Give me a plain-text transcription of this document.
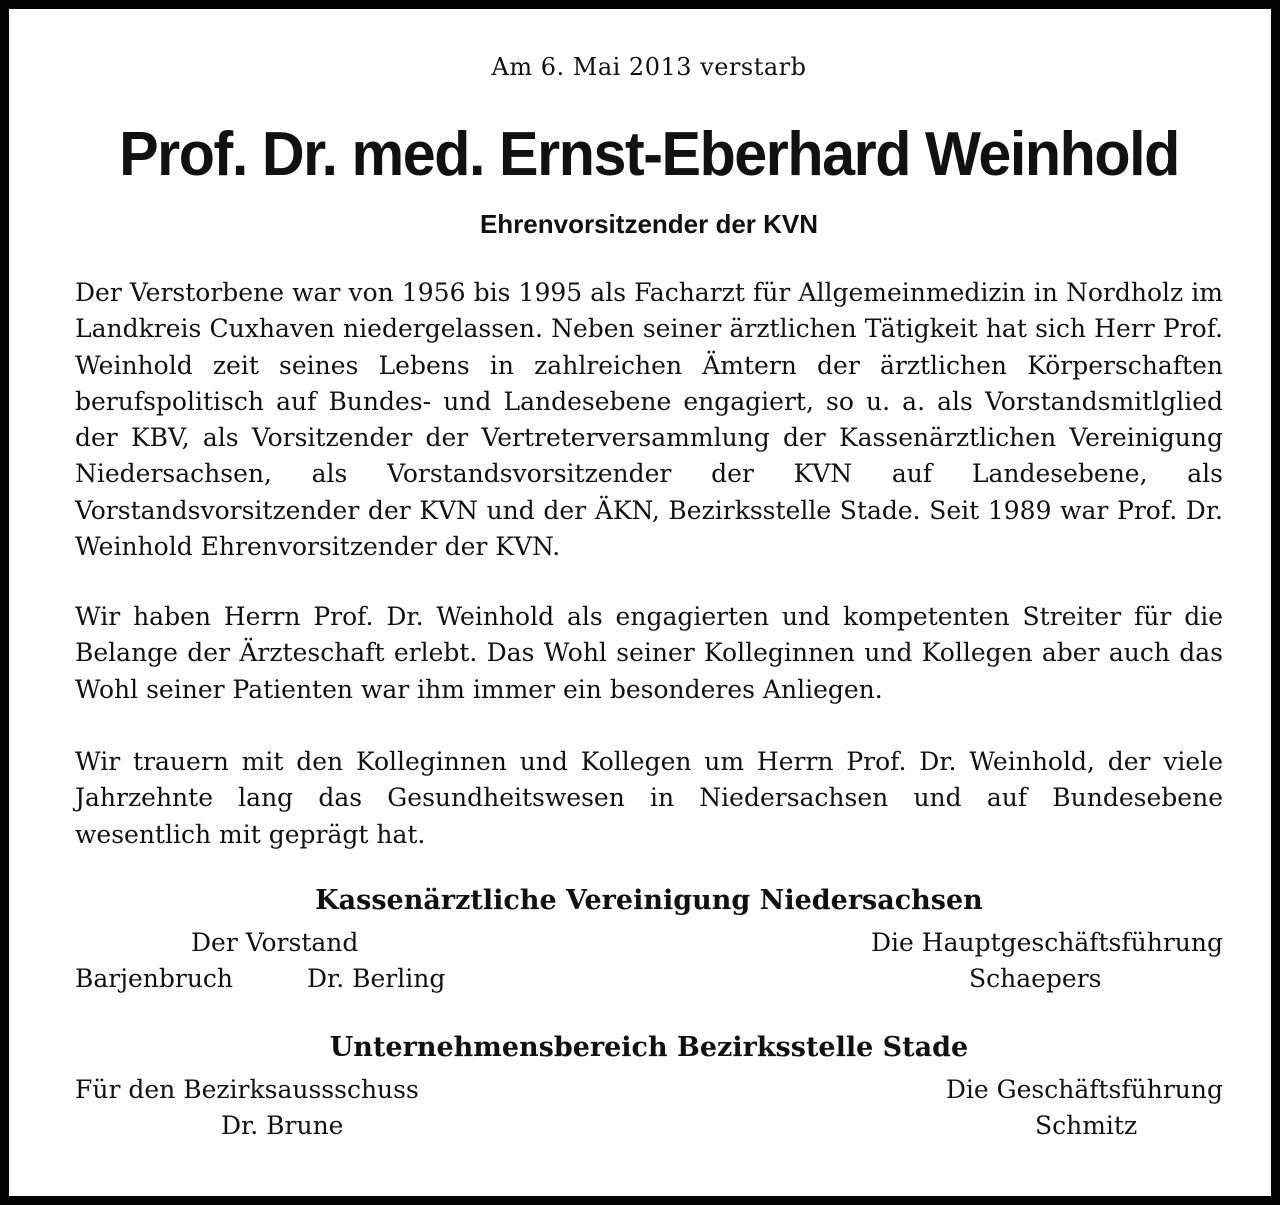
Am 6. Mai 2013 verstarb
Prof. Dr. med. Ernst-Eberhard Weinhold
Ehrenvorsitzender der KVN
Der Verstorbene war von 1956 bis 1995 als Facharzt für Allgemeinmedizin in Nordholz im Landkreis Cuxhaven niedergelassen. Neben seiner ärztlichen Tätigkeit hat sich Herr Prof. Weinhold zeit seines Lebens in zahlreichen Ämtern der ärztlichen Körperschaften berufspolitisch auf Bundes- und Landesebene engagiert, so u. a. als Vorstandsmitlglied der KBV, als Vorsitzender der Vertreterversammlung der Kassenärztlichen Vereinigung Niedersachsen, als Vorstandsvorsitzender der KVN auf Landesebene, als Vorstandsvorsitzender der KVN und der ÄKN, Bezirksstelle Stade. Seit 1989 war Prof. Dr. Weinhold Ehrenvorsitzender der KVN.
Wir haben Herrn Prof. Dr. Weinhold als engagierten und kompetenten Streiter für die Belange der Ärzteschaft erlebt. Das Wohl seiner Kolleginnen und Kollegen aber auch das Wohl seiner Patienten war ihm immer ein besonderes Anliegen.
Wir trauern mit den Kolleginnen und Kollegen um Herrn Prof. Dr. Weinhold, der viele Jahrzehnte lang das Gesundheitswesen in Niedersachsen und auf Bundesebene wesentlich mit geprägt hat.
Kassenärztliche Vereinigung Niedersachsen
Der Vorstand
Barjenbruch	Dr. Berling
Die Hauptgeschäftsführung
Schaepers
Unternehmensbereich Bezirksstelle Stade
Für den Bezirksaussschuss
Dr. Brune
Die Geschäftsführung
Schmitz
